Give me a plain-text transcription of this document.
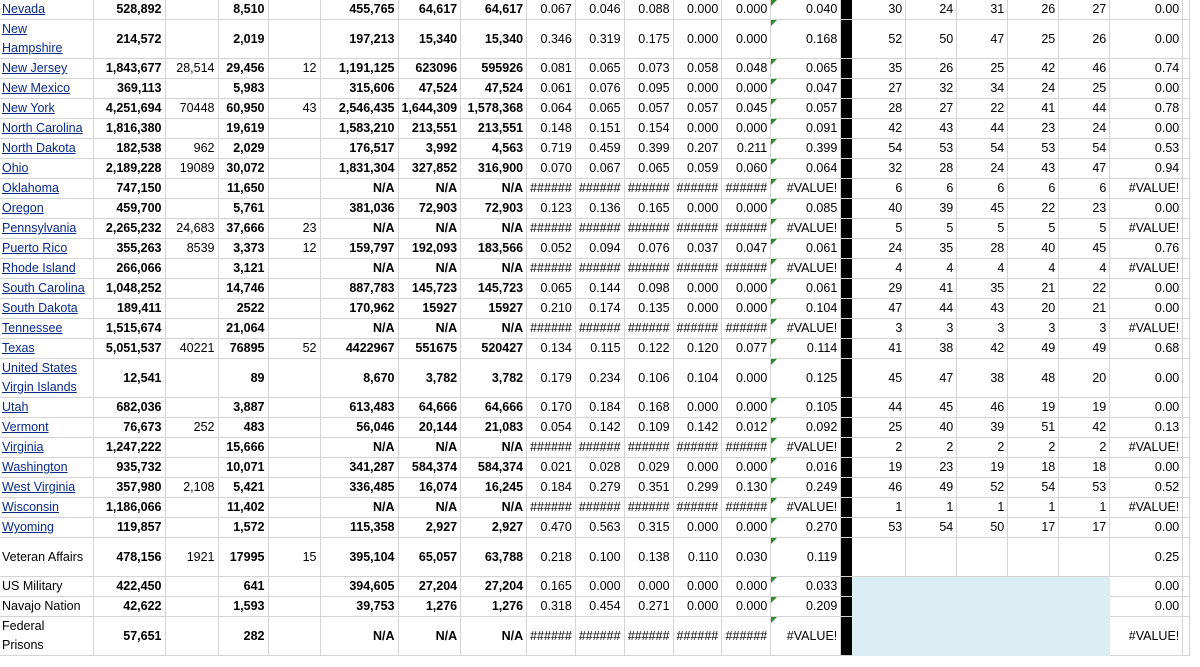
Nevada	528,892		8,510		455,765	64,617	64,617	0.067	0.046	0.088	0.000	0.000	0.040		30	24	31	26	27	0.00	
New Hampshire	214,572		2,019		197,213	15,340	15,340	0.346	0.319	0.175	0.000	0.000	0.168		52	50	47	25	26	0.00	
New Jersey	1,843,677	28,514	29,456	12	1,191,125	623096	595926	0.081	0.065	0.073	0.058	0.048	0.065		35	26	25	42	46	0.74	
New Mexico	369,113		5,983		315,606	47,524	47,524	0.061	0.076	0.095	0.000	0.000	0.047		27	32	34	24	25	0.00	
New York	4,251,694	70448	60,950	43	2,546,435	1,644,309	1,578,368	0.064	0.065	0.057	0.057	0.045	0.057		28	27	22	41	44	0.78	
North Carolina	1,816,380		19,619		1,583,210	213,551	213,551	0.148	0.151	0.154	0.000	0.000	0.091		42	43	44	23	24	0.00	
North Dakota	182,538	962	2,029		176,517	3,992	4,563	0.719	0.459	0.399	0.207	0.211	0.399		54	53	54	53	54	0.53	
Ohio	2,189,228	19089	30,072		1,831,304	327,852	316,900	0.070	0.067	0.065	0.059	0.060	0.064		32	28	24	43	47	0.94	
Oklahoma	747,150		11,650		N/A	N/A	N/A	######	######	######	######	######	#VALUE!		6	6	6	6	6	#VALUE!	
Oregon	459,700		5,761		381,036	72,903	72,903	0.123	0.136	0.165	0.000	0.000	0.085		40	39	45	22	23	0.00	
Pennsylvania	2,265,232	24,683	37,666	23	N/A	N/A	N/A	######	######	######	######	######	#VALUE!		5	5	5	5	5	#VALUE!	
Puerto Rico	355,263	8539	3,373	12	159,797	192,093	183,566	0.052	0.094	0.076	0.037	0.047	0.061		24	35	28	40	45	0.76	
Rhode Island	266,066		3,121		N/A	N/A	N/A	######	######	######	######	######	#VALUE!		4	4	4	4	4	#VALUE!	
South Carolina	1,048,252		14,746		887,783	145,723	145,723	0.065	0.144	0.098	0.000	0.000	0.061		29	41	35	21	22	0.00	
South Dakota	189,411		2522		170,962	15927	15927	0.210	0.174	0.135	0.000	0.000	0.104		47	44	43	20	21	0.00	
Tennessee	1,515,674		21,064		N/A	N/A	N/A	######	######	######	######	######	#VALUE!		3	3	3	3	3	#VALUE!	
Texas	5,051,537	40221	76895	52	4422967	551675	520427	0.134	0.115	0.122	0.120	0.077	0.114		41	38	42	49	49	0.68	
United States Virgin Islands	12,541		89		8,670	3,782	3,782	0.179	0.234	0.106	0.104	0.000	0.125		45	47	38	48	20	0.00	
Utah	682,036		3,887		613,483	64,666	64,666	0.170	0.184	0.168	0.000	0.000	0.105		44	45	46	19	19	0.00	
Vermont	76,673	252	483		56,046	20,144	21,083	0.054	0.142	0.109	0.142	0.012	0.092		25	40	39	51	42	0.13	
Virginia	1,247,222		15,666		N/A	N/A	N/A	######	######	######	######	######	#VALUE!		2	2	2	2	2	#VALUE!	
Washington	935,732		10,071		341,287	584,374	584,374	0.021	0.028	0.029	0.000	0.000	0.016		19	23	19	18	18	0.00	
West Virginia	357,980	2,108	5,421		336,485	16,074	16,245	0.184	0.279	0.351	0.299	0.130	0.249		46	49	52	54	53	0.52	
Wisconsin	1,186,066		11,402		N/A	N/A	N/A	######	######	######	######	######	#VALUE!		1	1	1	1	1	#VALUE!	
Wyoming	119,857		1,572		115,358	2,927	2,927	0.470	0.563	0.315	0.000	0.000	0.270		53	54	50	17	17	0.00	
Veteran Affairs	478,156	1921	17995	15	395,104	65,057	63,788	0.218	0.100	0.138	0.110	0.030	0.119							0.25	
US Military	422,450		641		394,605	27,204	27,204	0.165	0.000	0.000	0.000	0.000	0.033							0.00	
Navajo Nation	42,622		1,593		39,753	1,276	1,276	0.318	0.454	0.271	0.000	0.000	0.209							0.00	
Federal Prisons	57,651		282		N/A	N/A	N/A	######	######	######	######	######	#VALUE!							#VALUE!	
